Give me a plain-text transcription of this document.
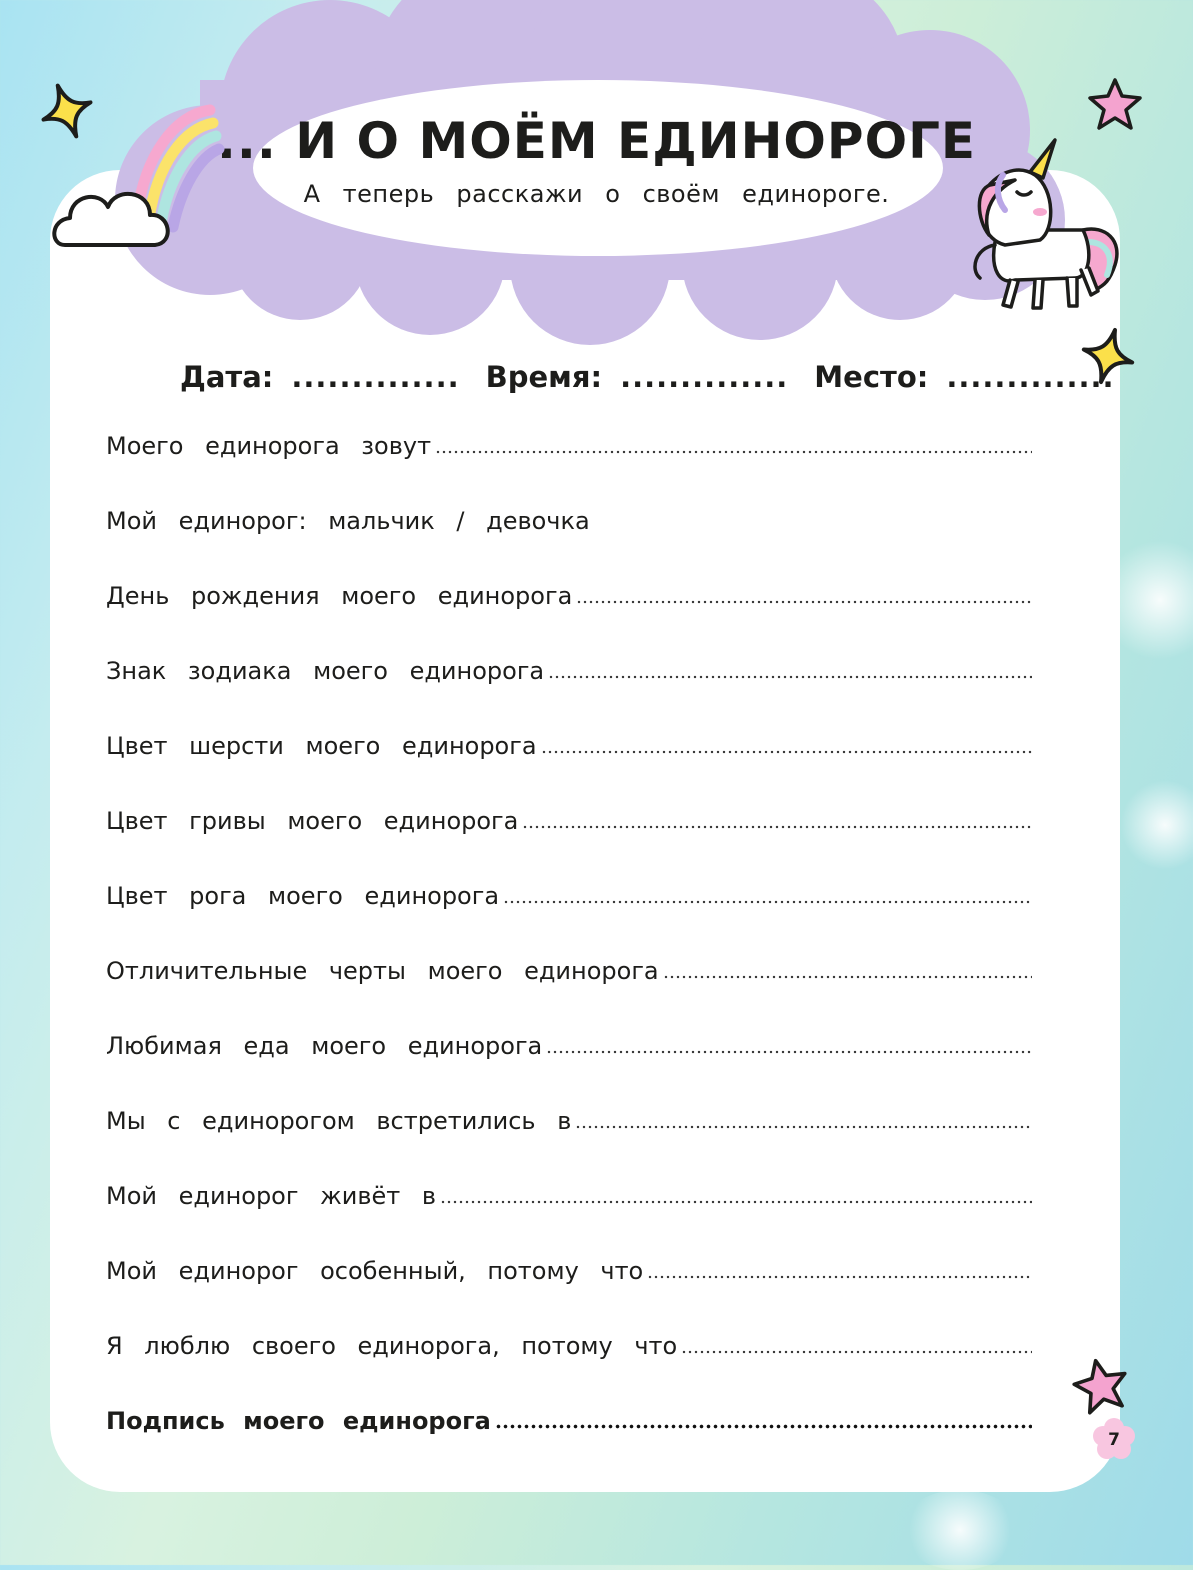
... И О МОЁМ ЕДИНОРОГЕ
А теперь расскажи о своём единороге.
Дата: .............. Время: .............. Место: ..............
Моего единорога зовут
Мой единорог: мальчик / девочка
День рождения моего единорога
Знак зодиака моего единорога
Цвет шерсти моего единорога
Цвет гривы моего единорога
Цвет рога моего единорога
Отличительные черты моего единорога
Любимая еда моего единорога
Мы с единорогом встретились в
Мой единорог живёт в
Мой единорог особенный, потому что
Я люблю своего единорога, потому что
Подпись моего единорога
7
